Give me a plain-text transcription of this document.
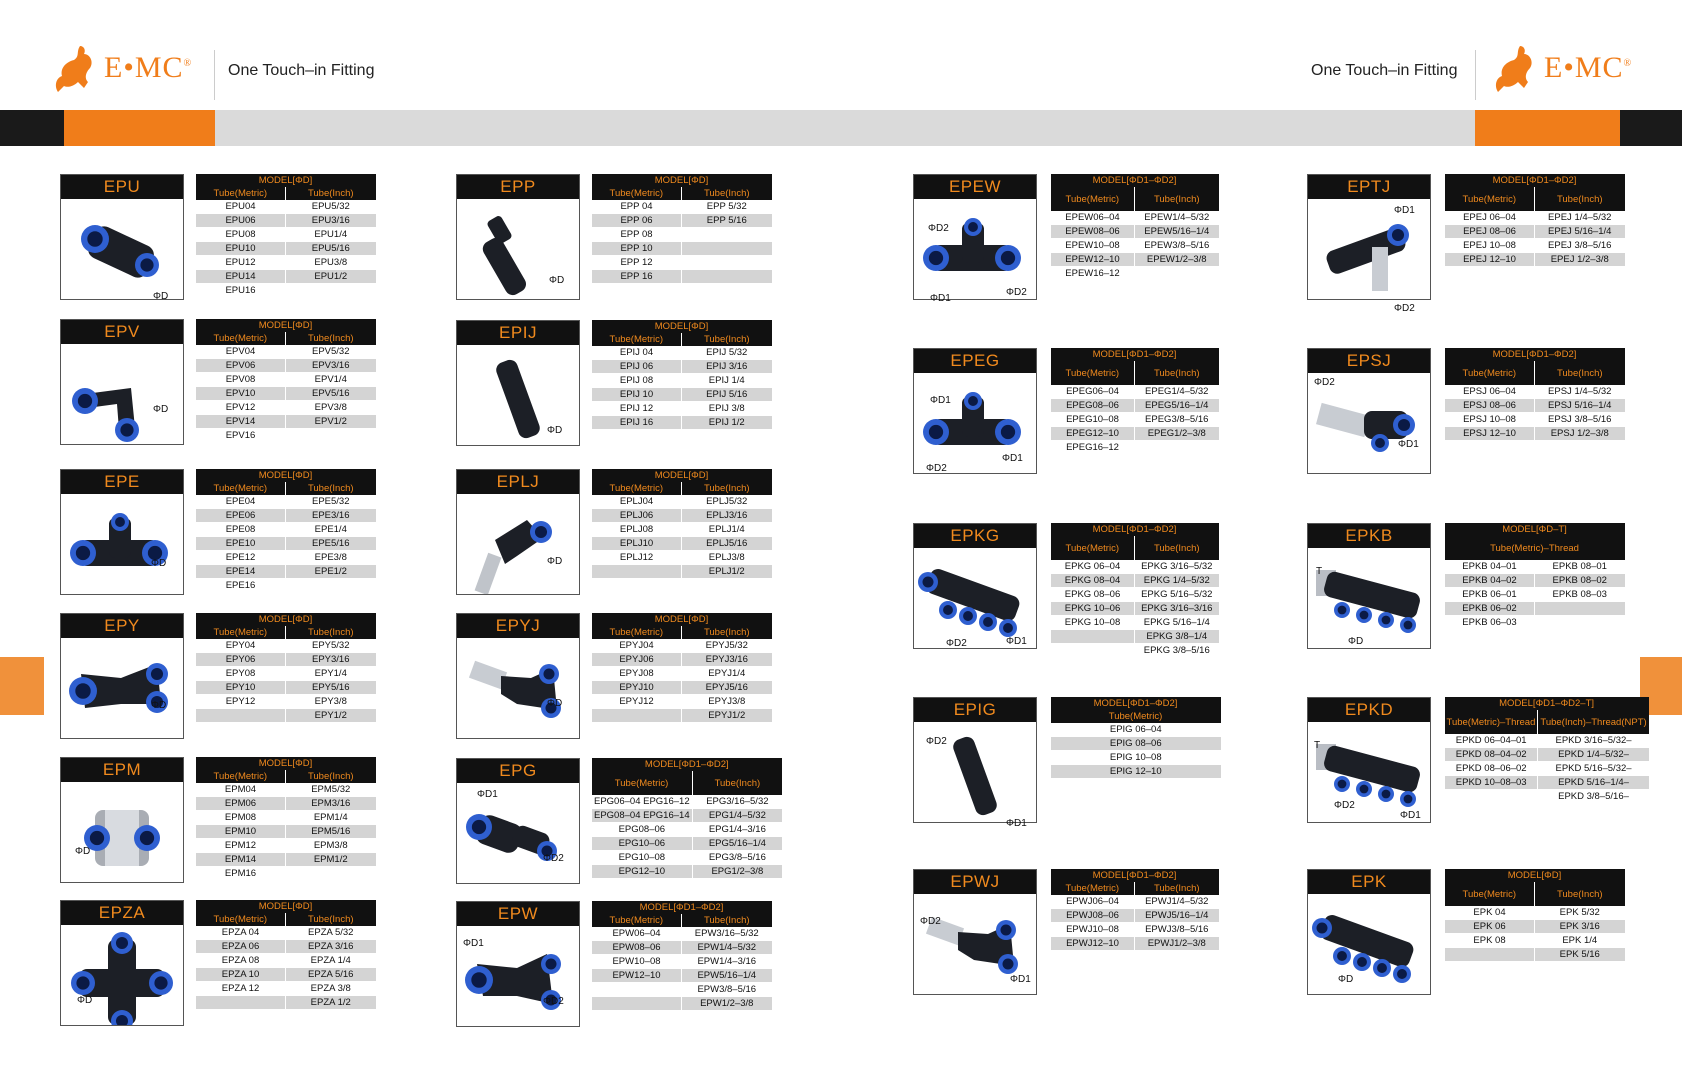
E•MC® One Touch–in Fitting	One Touch–in Fitting	E•MC®
EPU
ΦD
MODEL[ΦD]	
Tube(Metric)	Tube(Inch)
EPU04	EPU5/32
EPU06	EPU3/16
EPU08	EPU1/4
EPU10	EPU5/16
EPU12	EPU3/8
EPU14	EPU1/2
EPU16	
EPV
ΦD
MODEL[ΦD]	
Tube(Metric)	Tube(Inch)
EPV04	EPV5/32
EPV06	EPV3/16
EPV08	EPV1/4
EPV10	EPV5/16
EPV12	EPV3/8
EPV14	EPV1/2
EPV16	
EPE
ΦD
MODEL[ΦD]	
Tube(Metric)	Tube(Inch)
EPE04	EPE5/32
EPE06	EPE3/16
EPE08	EPE1/4
EPE10	EPE5/16
EPE12	EPE3/8
EPE14	EPE1/2
EPE16	
EPY
ΦD
MODEL[ΦD]	
Tube(Metric)	Tube(Inch)
EPY04	EPY5/32
EPY06	EPY3/16
EPY08	EPY1/4
EPY10	EPY5/16
EPY12	EPY3/8
	EPY1/2
EPM
ΦD
MODEL[ΦD]	
Tube(Metric)	Tube(Inch)
EPM04	EPM5/32
EPM06	EPM3/16
EPM08	EPM1/4
EPM10	EPM5/16
EPM12	EPM3/8
EPM14	EPM1/2
EPM16	
EPZA
ΦD
MODEL[ΦD]	
Tube(Metric)	Tube(Inch)
EPZA 04	EPZA 5/32
EPZA 06	EPZA 3/16
EPZA 08	EPZA 1/4
EPZA 10	EPZA 5/16
EPZA 12	EPZA 3/8
	EPZA 1/2
EPP
ΦD
MODEL[ΦD]	
Tube(Metric)	Tube(Inch)
EPP 04	EPP 5/32
EPP 06	EPP 5/16
EPP 08	
EPP 10	
EPP 12	
EPP 16	
EPIJ
ΦD
MODEL[ΦD]	
Tube(Metric)	Tube(Inch)
EPIJ 04	EPIJ 5/32
EPIJ 06	EPIJ 3/16
EPIJ 08	EPIJ 1/4
EPIJ 10	EPIJ 5/16
EPIJ 12	EPIJ 3/8
EPIJ 16	EPIJ 1/2
EPLJ
ΦD
MODEL[ΦD]	
Tube(Metric)	Tube(Inch)
EPLJ04	EPLJ5/32
EPLJ06	EPLJ3/16
EPLJ08	EPLJ1/4
EPLJ10	EPLJ5/16
EPLJ12	EPLJ3/8
	EPLJ1/2
EPYJ
ΦD
MODEL[ΦD]	
Tube(Metric)	Tube(Inch)
EPYJ04	EPYJ5/32
EPYJ06	EPYJ3/16
EPYJ08	EPYJ1/4
EPYJ10	EPYJ5/16
EPYJ12	EPYJ3/8
	EPYJ1/2
EPG
ΦD1
ΦD2
MODEL[ΦD1–ΦD2]	
Tube(Metric)	Tube(Inch)
EPG06–04 EPG16–12	EPG3/16–5/32
EPG08–04 EPG16–14	EPG1/4–5/32
EPG08–06	EPG1/4–3/16
EPG10–06	EPG5/16–1/4
EPG10–08	EPG3/8–5/16
EPG12–10	EPG1/2–3/8
EPW
ΦD1
ΦD2
MODEL[ΦD1–ΦD2]	
Tube(Metric)	Tube(Inch)
EPW06–04	EPW3/16–5/32
EPW08–06	EPW1/4–5/32
EPW10–08	EPW1/4–3/16
EPW12–10	EPW5/16–1/4
	EPW3/8–5/16
	EPW1/2–3/8
EPEW
ΦD2
ΦD1
ΦD2
MODEL[ΦD1–ΦD2]	
Tube(Metric)	Tube(Inch)
EPEW06–04	EPEW1/4–5/32
EPEW08–06	EPEW5/16–1/4
EPEW10–08	EPEW3/8–5/16
EPEW12–10	EPEW1/2–3/8
EPEW16–12	
EPEG
ΦD1
ΦD2
ΦD1
MODEL[ΦD1–ΦD2]	
Tube(Metric)	Tube(Inch)
EPEG06–04	EPEG1/4–5/32
EPEG08–06	EPEG5/16–1/4
EPEG10–08	EPEG3/8–5/16
EPEG12–10	EPEG1/2–3/8
EPEG16–12	
EPKG
ΦD2	ΦD1
MODEL[ΦD1–ΦD2]	
Tube(Metric)	Tube(Inch)
EPKG 06–04	EPKG 3/16–5/32
EPKG 08–04	EPKG 1/4–5/32
EPKG 08–06	EPKG 5/16–5/32
EPKG 10–06	EPKG 3/16–3/16
EPKG 10–08	EPKG 5/16–1/4
	EPKG 3/8–1/4
	EPKG 3/8–5/16
EPIG
ΦD2
ΦD1
MODEL[ΦD1–ΦD2]
Tube(Metric)
EPIG 06–04
EPIG 08–06
EPIG 10–08
EPIG 12–10
EPWJ
ΦD2
ΦD1
MODEL[ΦD1–ΦD2]	
Tube(Metric)	Tube(Inch)
EPWJ06–04	EPWJ1/4–5/32
EPWJ08–06	EPWJ5/16–1/4
EPWJ10–08	EPWJ3/8–5/16
EPWJ12–10	EPWJ1/2–3/8
EPTJ
ΦD1
ΦD2
MODEL[ΦD1–ΦD2]	
Tube(Metric)	Tube(Inch)
EPEJ 06–04	EPEJ 1/4–5/32
EPEJ 08–06	EPEJ 5/16–1/4
EPEJ 10–08	EPEJ 3/8–5/16
EPEJ 12–10	EPEJ 1/2–3/8
EPSJ
ΦD2
ΦD1
MODEL[ΦD1–ΦD2]	
Tube(Metric)	Tube(Inch)
EPSJ 06–04	EPSJ 1/4–5/32
EPSJ 08–06	EPSJ 5/16–1/4
EPSJ 10–08	EPSJ 3/8–5/16
EPSJ 12–10	EPSJ 1/2–3/8
EPKB
T
ΦD
MODEL[ΦD–T]	
Tube(Metric)–Thread	
EPKB 04–01	EPKB 08–01
EPKB 04–02	EPKB 08–02
EPKB 06–01	EPKB 08–03
EPKB 06–02	
EPKB 06–03	
EPKD
T
ΦD2
ΦD1
MODEL[ΦD1–ΦD2–T]	
Tube(Metric)–Thread	Tube(Inch)–Thread(NPT)
EPKD 06–04–01	EPKD 3/16–5/32–
EPKD 08–04–02	EPKD 1/4–5/32–
EPKD 08–06–02	EPKD 5/16–5/32–
EPKD 10–08–03	EPKD 5/16–1/4–
	EPKD 3/8–5/16–
EPK
ΦD
MODEL[ΦD]	
Tube(Metric)	Tube(Inch)
EPK 04	EPK 5/32
EPK 06	EPK 3/16
EPK 08	EPK 1/4
	EPK 5/16
